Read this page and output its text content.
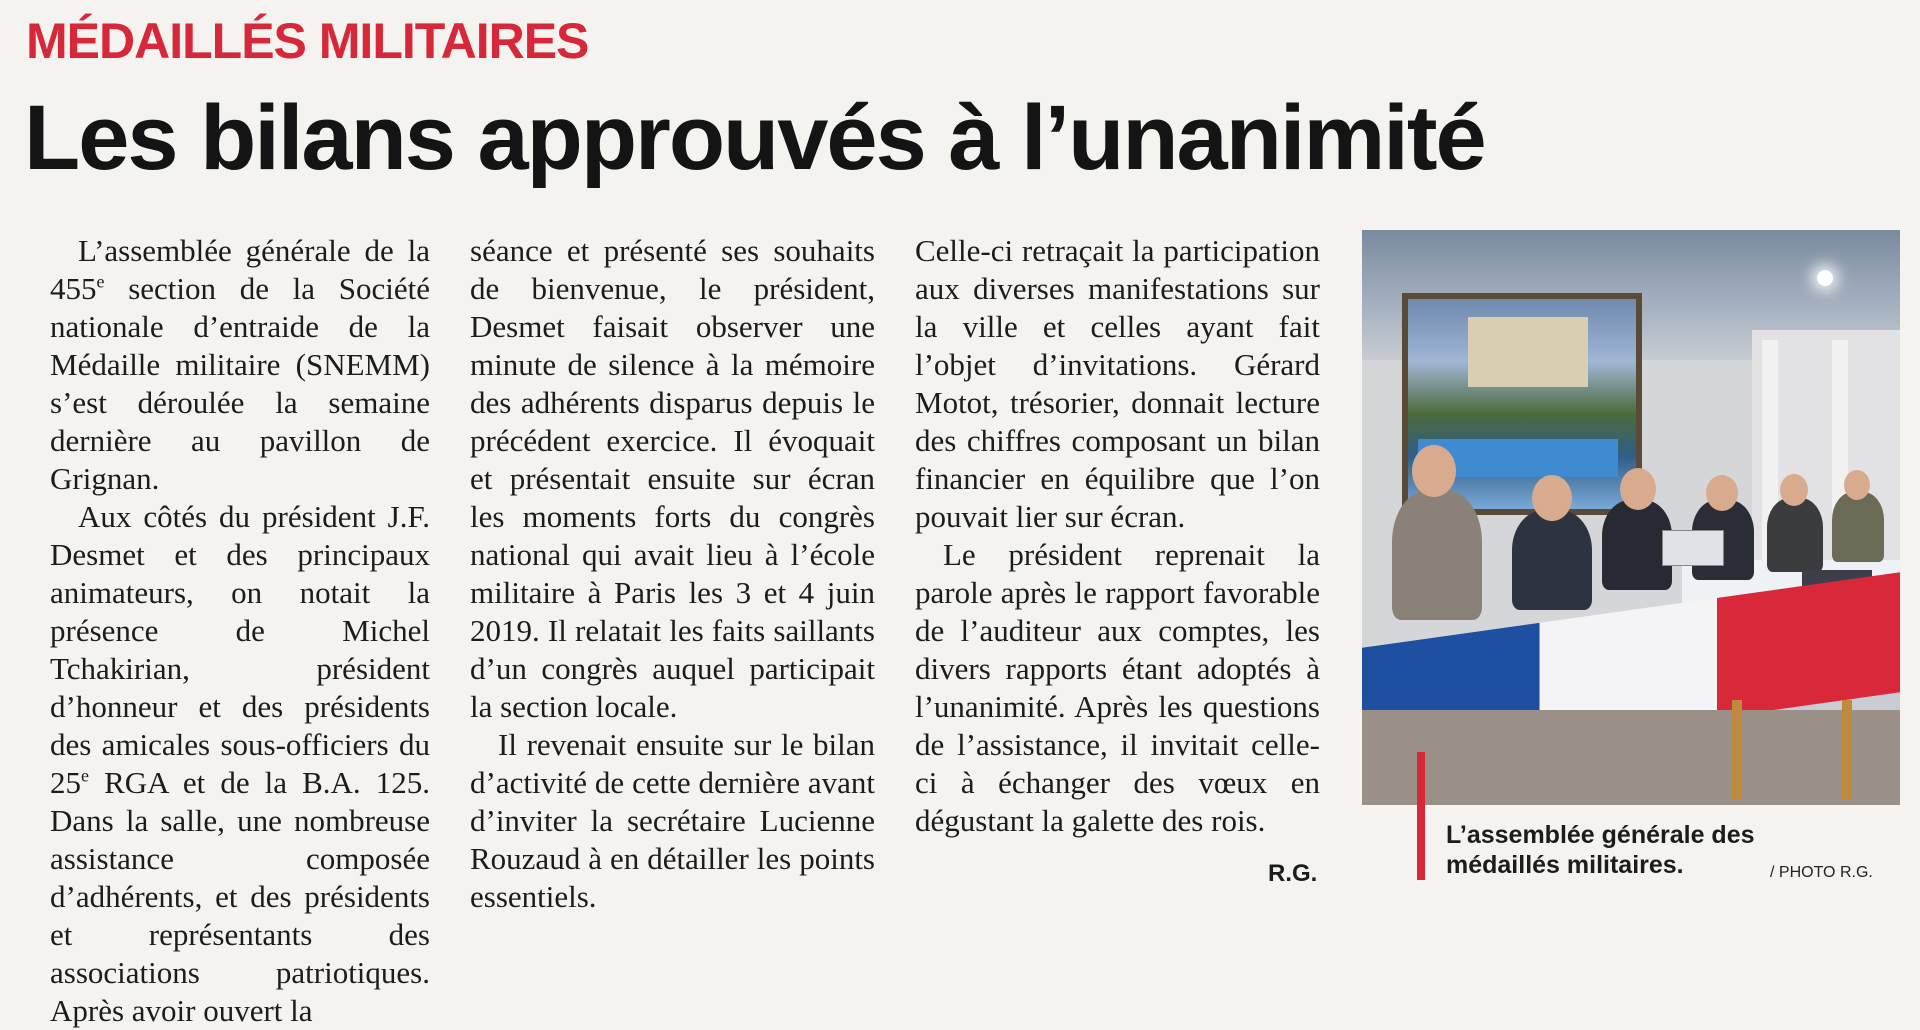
MÉDAILLÉS MILITAIRES
Les bilans approuvés à l’unanimité

L’assemblée générale de la 455e section de la Société nationale d’entraide de la Médaille militaire (SNEMM) s’est déroulée la semaine dernière au pavillon de Grignan.

Aux côtés du président J.F. Desmet et des principaux animateurs, on notait la présence de Michel Tchakirian, président d’honneur et des présidents des amicales sous-officiers du 25e RGA et de la B.A. 125. Dans la salle, une nombreuse assistance composée d’adhérents, et des présidents et représentants des associations patriotiques. Après avoir ouvert la

séance et présenté ses souhaits de bienvenue, le président, Desmet faisait observer une minute de silence à la mémoire des adhérents disparus depuis le précédent exercice. Il évoquait et présentait ensuite sur écran les moments forts du congrès national qui avait lieu à l’école militaire à Paris les 3 et 4 juin 2019. Il relatait les faits saillants d’un congrès auquel participait la section locale.

Il revenait ensuite sur le bilan d’activité de cette dernière avant d’inviter la secrétaire Lucienne Rouzaud à en détailler les points essentiels.

Celle-ci retraçait la participation aux diverses manifestations sur la ville et celles ayant fait l’objet d’invitations. Gérard Motot, trésorier, donnait lecture des chiffres composant un bilan financier en équilibre que l’on pouvait lier sur écran.

Le président reprenait la parole après le rapport favorable de l’auditeur aux comptes, les divers rapports étant adoptés à l’unanimité. Après les questions de l’assistance, il invitait celle-ci à échanger des vœux en dégustant la galette des rois.

R.G.
L’assemblée générale des
médaillés militaires.	/ PHOTO R.G.
